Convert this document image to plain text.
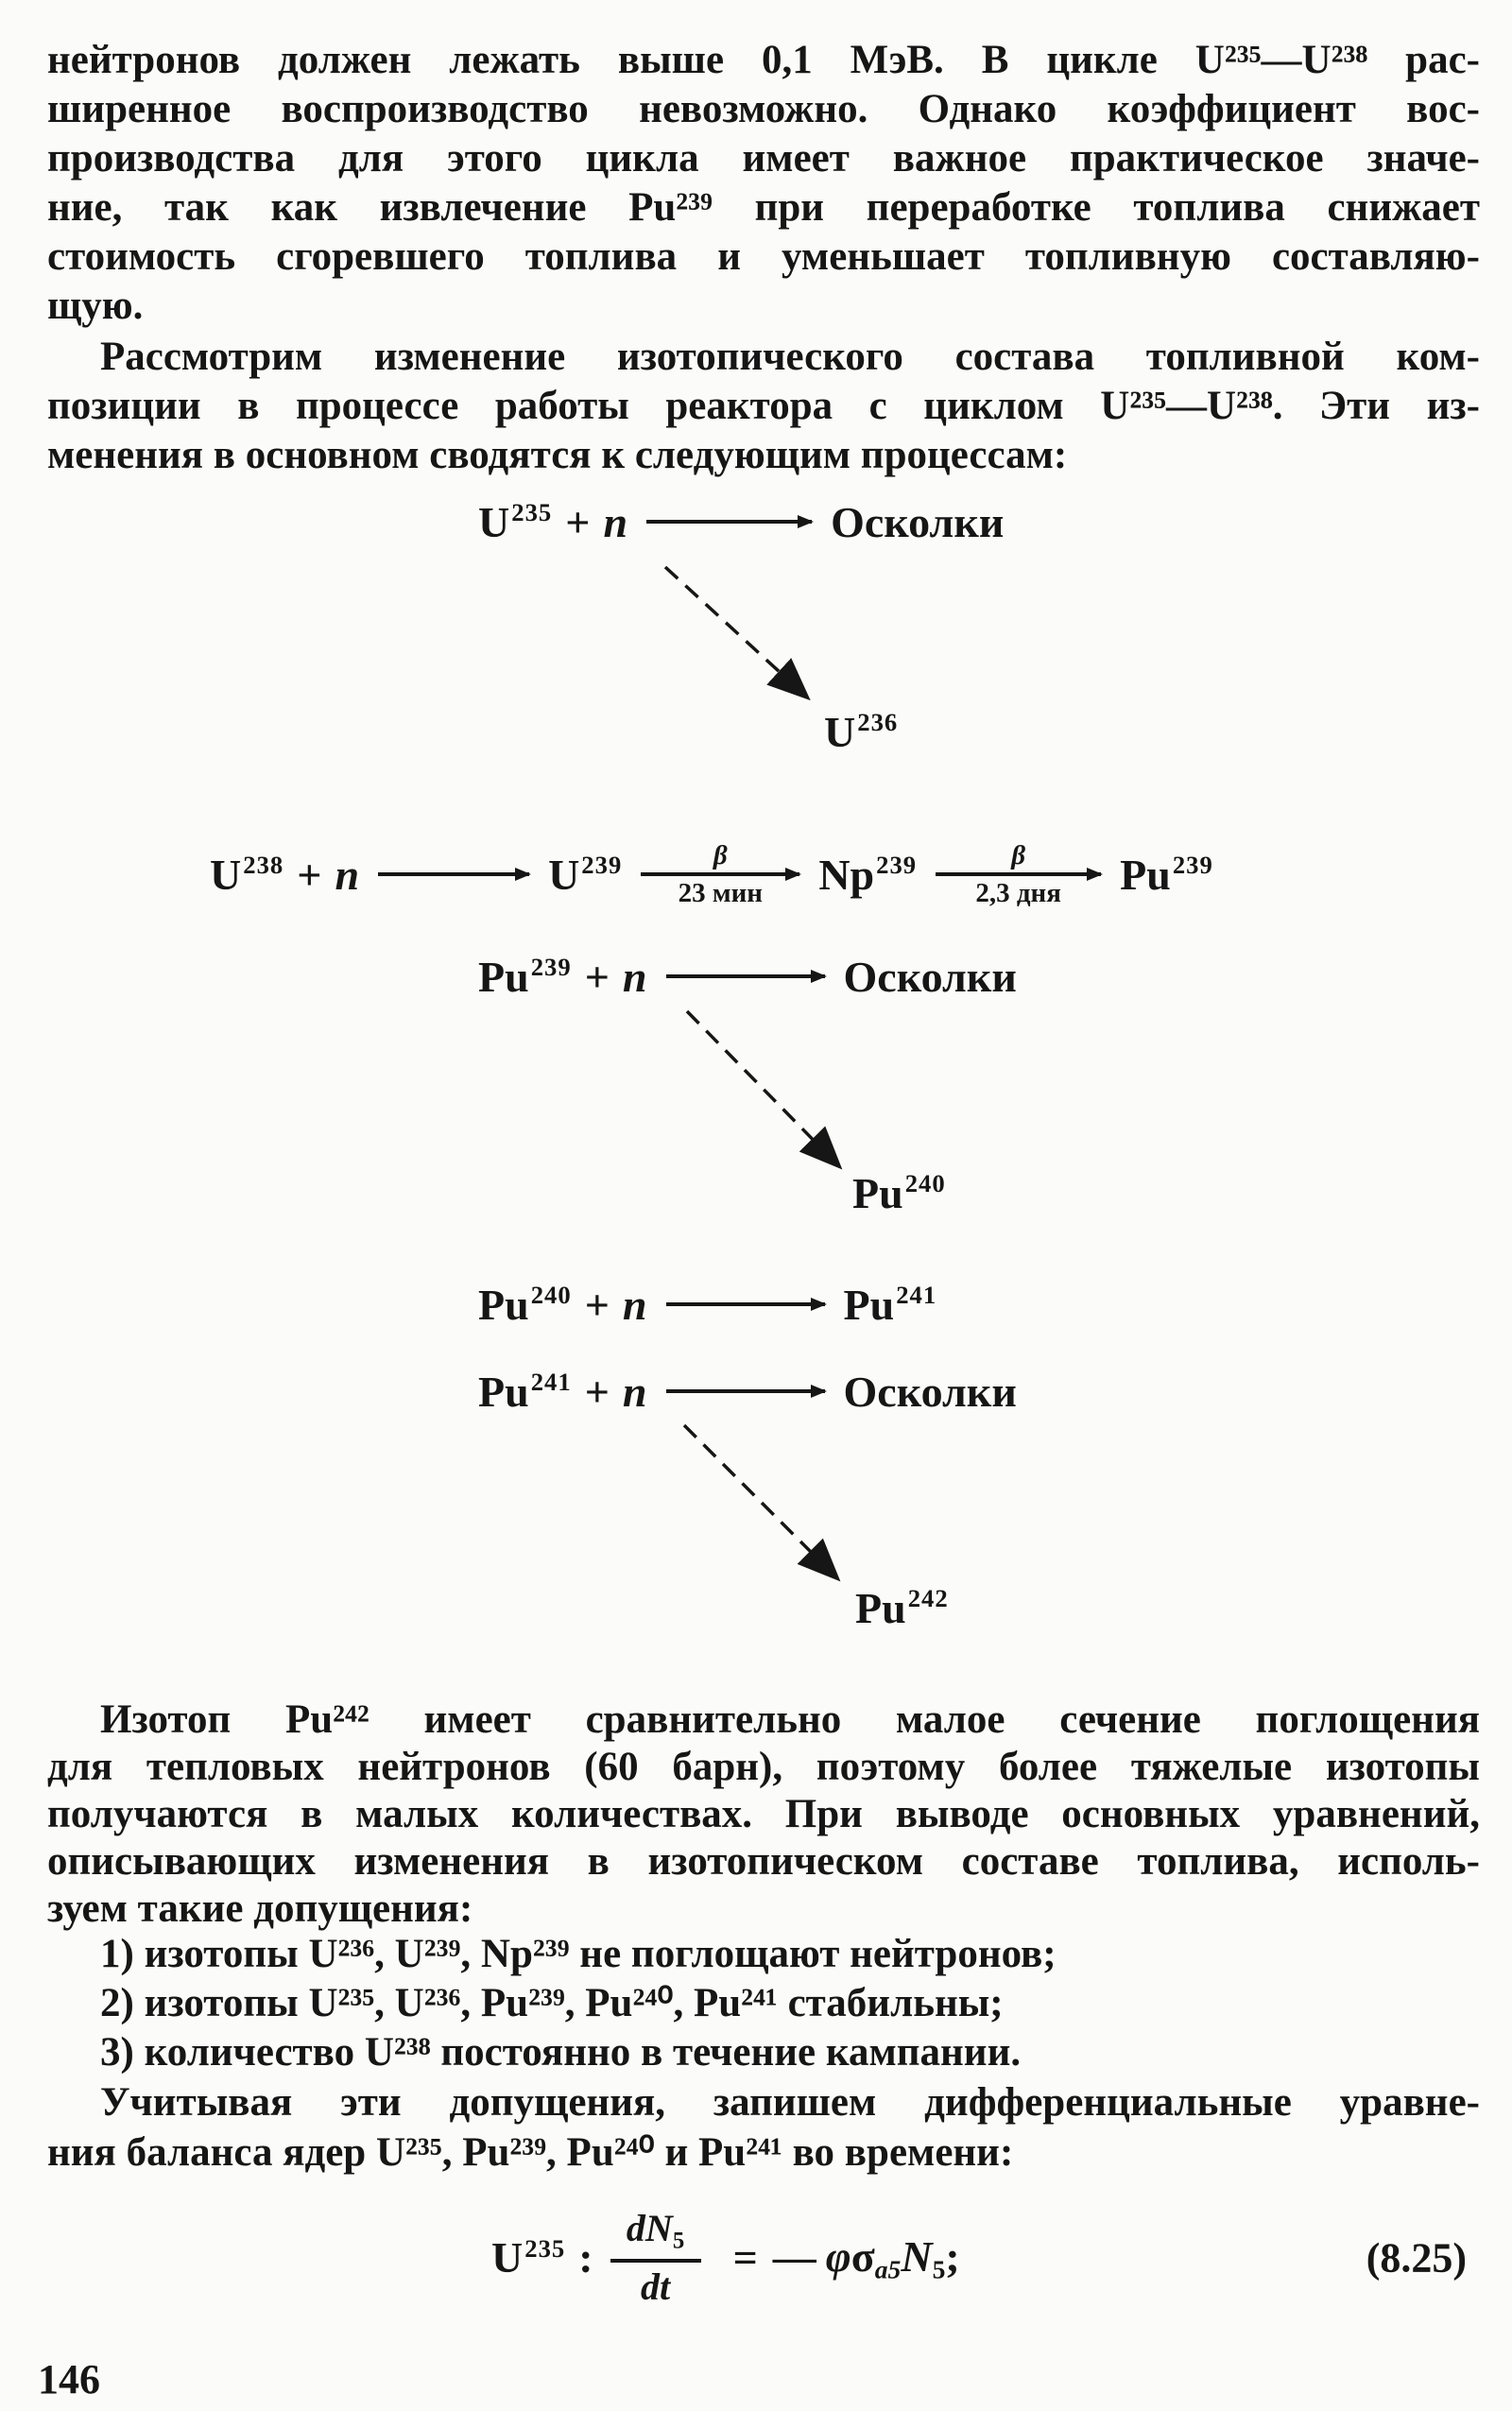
нейтронов должен лежать выше 0,1 МэВ. В цикле U²³⁵—U²³⁸ рас-
ширенное воспроизводство невозможно. Однако коэффициент вос-
производства для этого цикла имеет важное практическое значе-
ние, так как извлечение Pu²³⁹ при переработке топлива снижает
стоимость сгоревшего топлива и уменьшает топливную составляю-
щую.
Рассмотрим изменение изотопического состава топливной ком-
позиции в процессе работы реактора с циклом U²³⁵—U²³⁸. Эти из-
менения в основном сводятся к следующим процессам:
$U^{235} + n$	Осколки
$U^{236}$
$U^{238} + n$	$U^{239}$	β
23 мин Np$^{239}$	β
2,3 дня Pu$^{239}$
$Pu^{239} + n$	Осколки
Pu$^{240}$
$Pu^{240} + n$	Pu$^{241}$
$Pu^{241} + n$	Осколки
Pu$^{242}$
Изотоп Pu²⁴² имеет сравнительно малое сечение поглощения
для тепловых нейтронов (60 барн), поэтому более тяжелые изотопы
получаются в малых количествах. При выводе основных уравнений,
описывающих изменения в изотопическом составе топлива, исполь-
зуем такие допущения:
1) изотопы U²³⁶, U²³⁹, Np²³⁹ не поглощают нейтронов;
2) изотопы U²³⁵, U²³⁶, Pu²³⁹, Pu²⁴⁰, Pu²⁴¹ стабильны;
3) количество U²³⁸ постоянно в течение кампании.
Учитывая эти допущения, запишем дифференциальные уравне-
ния баланса ядер U²³⁵, Pu²³⁹, Pu²⁴⁰ и Pu²⁴¹ во времени:
$U^{235}$ : $\frac{dN_5}{dt}$ = — $\varphi\sigma_{a5}N_5$;	(8.25)
146
